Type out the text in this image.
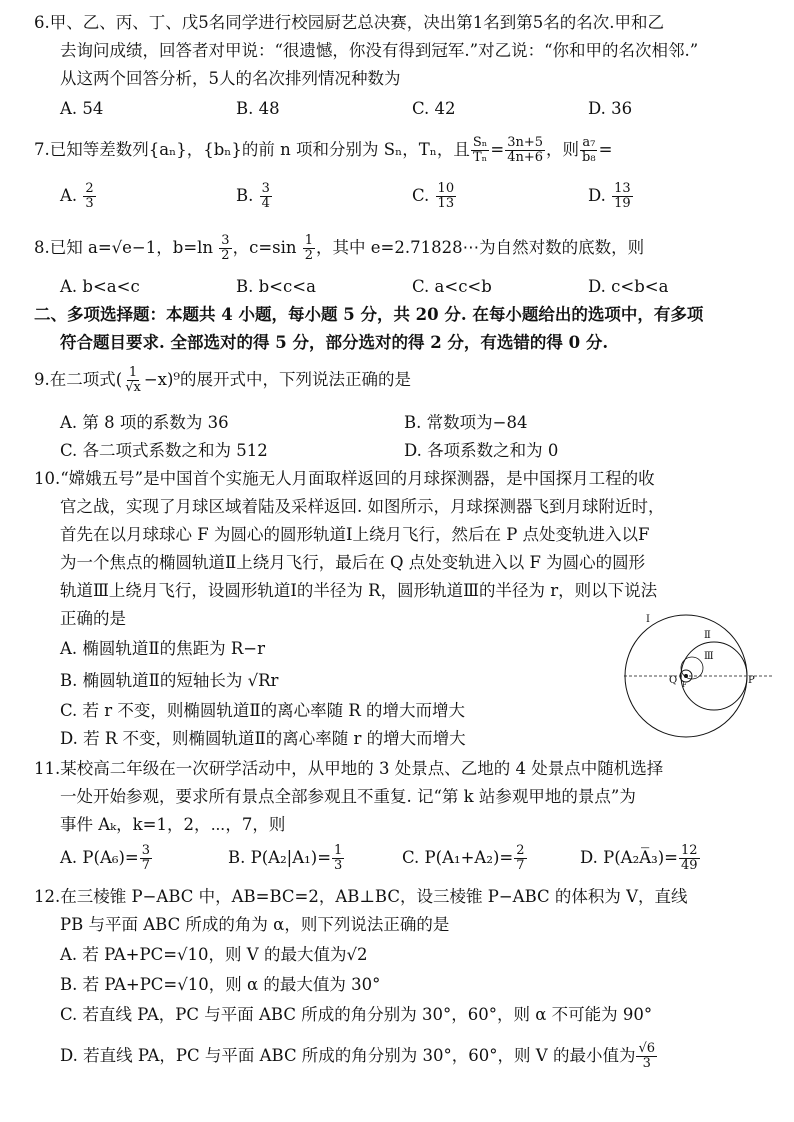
6.甲、乙、丙、丁、戊5名同学进行校园厨艺总决赛，决出第1名到第5名的名次.甲和乙
去询问成绩，回答者对甲说：“很遗憾，你没有得到冠军.”对乙说：“你和甲的名次相邻.”
从这两个回答分析，5人的名次排列情况种数为
A. 54	B. 48	C. 42	D. 36
7.已知等差数列{aₙ}，{bₙ}的前 n 项和分别为 Sₙ，Tₙ，且 $\frac{\text{Sₙ}}{\text{Tₙ}} = \frac{3n+5}{4n+6}$ ，则 $\frac{\text{a₇}}{\text{b₈}}$ =
A. $\frac{2}{3}$	B. $\frac{3}{4}$	C. $\frac{10}{13}$	D. $\frac{13}{19}$
8.已知 a=√e−1，$b=\ln \frac{3}{2}$ ，$c=\sin \frac{1}{2}$ ，其中 e=2.71828⋯为自然对数的底数，则
A. b<a<c	B. b<c<a	C. a<c<b	D. c<b<a
二、多项选择题：本题共 4 小题，每小题 5 分，共 20 分. 在每小题给出的选项中，有多项
符合题目要求. 全部选对的得 5 分，部分选对的得 2 分，有选错的得 0 分.
9.在二项式( $\frac{1}{√x} -x)^9$的展开式中，下列说法正确的是
A. 第 8 项的系数为 36	B. 常数项为−84
C. 各二项式系数之和为 512	D. 各项系数之和为 0
10.“嫦娥五号”是中国首个实施无人月面取样返回的月球探测器，是中国探月工程的收
官之战，实现了月球区域着陆及采样返回. 如图所示，月球探测器飞到月球附近时，
首先在以月球球心 F 为圆心的圆形轨道Ⅰ上绕月飞行，然后在 P 点处变轨进入以F
为一个焦点的椭圆轨道Ⅱ上绕月飞行，最后在 Q 点处变轨进入以 F 为圆心的圆形
轨道Ⅲ上绕月飞行，设圆形轨道Ⅰ的半径为 R，圆形轨道Ⅲ的半径为 r，则以下说法
正确的是
A. 椭圆轨道Ⅱ的焦距为 R−r
B. 椭圆轨道Ⅱ的短轴长为 √Rr
C. 若 r 不变，则椭圆轨道Ⅱ的离心率随 R 的增大而增大
D. 若 R 不变，则椭圆轨道Ⅱ的离心率随 r 的增大而增大
Ⅰ
Ⅱ
Ⅲ
Q F	P
11.某校高二年级在一次研学活动中，从甲地的 3 处景点、乙地的 4 处景点中随机选择
一处开始参观，要求所有景点全部参观且不重复. 记“第 k 站参观甲地的景点”为
事件 Aₖ，k=1，2，⋯，7，则
A. $P(A_6)= \frac{3}{7}$	B. $P(A_2|A_1)= \frac{1}{3}$	C. $P(A_1+A_2)= \frac{2}{7}$	D. P(A₂A̅₃)= $\frac{12}{49}$
12.在三棱锥 P−ABC 中，AB=BC=2，AB⊥BC，设三棱锥 P−ABC 的体积为 V，直线
PB 与平面 ABC 所成的角为 α，则下列说法正确的是
A. 若 PA+PC=√10，则 V 的最大值为√2
B. 若 PA+PC=√10，则 α 的最大值为 30°
C. 若直线 PA，PC 与平面 ABC 所成的角分别为 30°，60°，则 α 不可能为 90°
D. 若直线 PA，PC 与平面 ABC 所成的角分别为 30°，60°，则 V 的最小值为 $\frac{√6}{3}$
